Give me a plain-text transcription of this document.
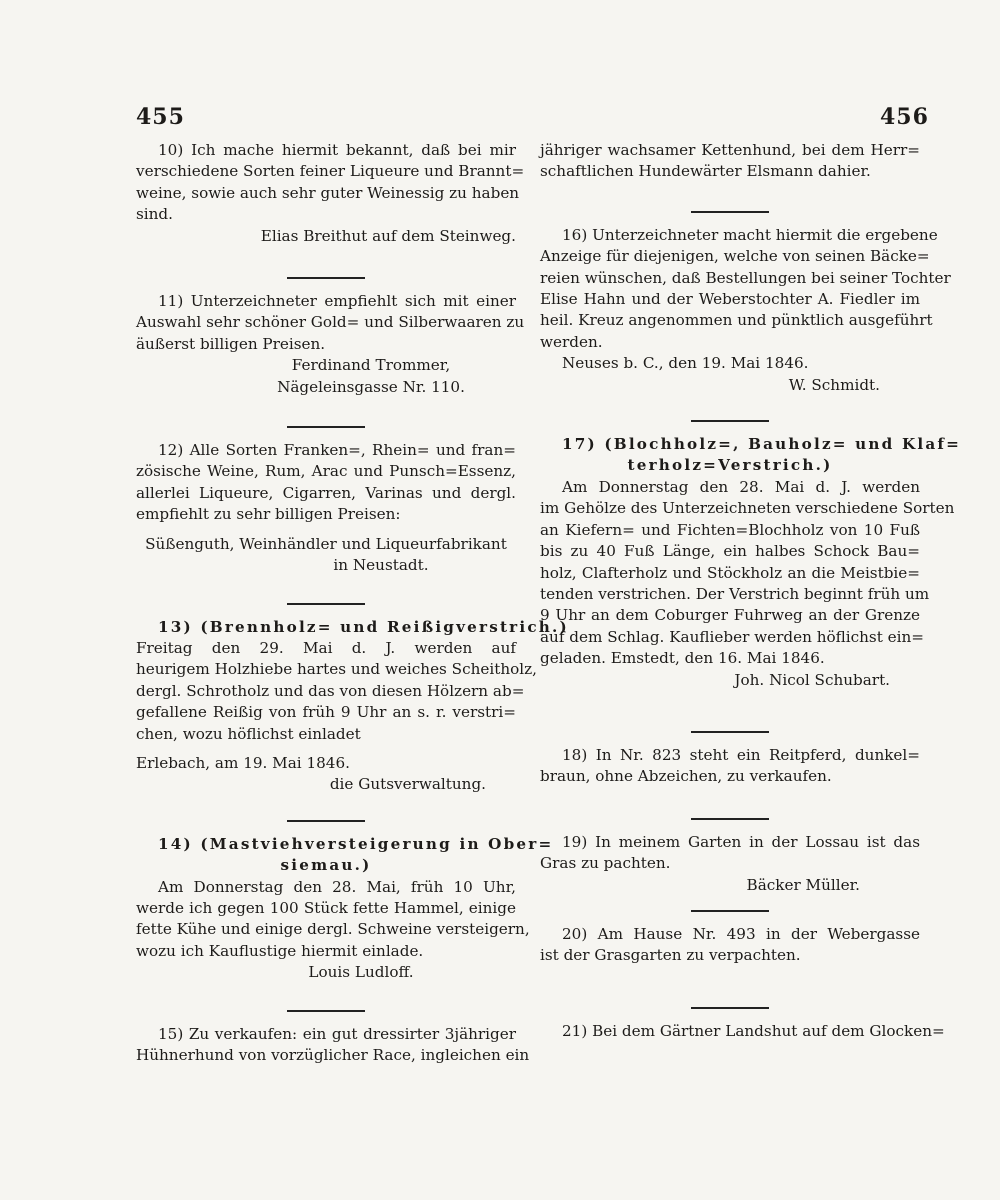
455	456
10) Ich mache hiermit bekannt, daß bei mir
verschiedene Sorten feiner Liqueure und Brannt=
weine, sowie auch sehr guter Weinessig zu haben
sind.
Elias Breithut auf dem Steinweg.
11) Unterzeichneter empfiehlt sich mit einer
Auswahl sehr schöner Gold= und Silberwaaren zu
äußerst billigen Preisen.
Ferdinand Trommer,
Nägeleinsgasse Nr. 110.
12) Alle Sorten Franken=, Rhein= und fran=
zösische Weine, Rum, Arac und Punsch=Essenz,
allerlei Liqueure, Cigarren, Varinas und dergl.
empfiehlt zu sehr billigen Preisen:
Süßenguth, Weinhändler und Liqueurfabrikant
in Neustadt.
13) (Brennholz= und Reißigverstrich.)
Freitag den 29. Mai d. J. werden auf
heurigem Holzhiebe hartes und weiches Scheitholz,
dergl. Schrotholz und das von diesen Hölzern ab=
gefallene Reißig von früh 9 Uhr an s. r. verstri=
chen, wozu höflichst einladet
Erlebach, am 19. Mai 1846.
die Gutsverwaltung.
14) (Mastviehversteigerung in Ober=
siemau.)
Am Donnerstag den 28. Mai, früh 10 Uhr,
werde ich gegen 100 Stück fette Hammel, einige
fette Kühe und einige dergl. Schweine versteigern,
wozu ich Kauflustige hiermit einlade.
Louis Ludloff.
15) Zu verkaufen: ein gut dressirter 3jähriger
Hühnerhund von vorzüglicher Race, ingleichen ein
jähriger wachsamer Kettenhund, bei dem Herr=
schaftlichen Hundewärter Elsmann dahier.
16) Unterzeichneter macht hiermit die ergebene
Anzeige für diejenigen, welche von seinen Bäcke=
reien wünschen, daß Bestellungen bei seiner Tochter
Elise Hahn und der Weberstochter A. Fiedler im
heil. Kreuz angenommen und pünktlich ausgeführt
werden.
Neuses b. C., den 19. Mai 1846.
W. Schmidt.
17) (Blochholz=, Bauholz= und Klaf=
terholz=Verstrich.)
Am Donnerstag den 28. Mai d. J. werden
im Gehölze des Unterzeichneten verschiedene Sorten
an Kiefern= und Fichten=Blochholz von 10 Fuß
bis zu 40 Fuß Länge, ein halbes Schock Bau=
holz, Clafterholz und Stöckholz an die Meistbie=
tenden verstrichen. Der Verstrich beginnt früh um
9 Uhr an dem Coburger Fuhrweg an der Grenze
auf dem Schlag. Kauflieber werden höflichst ein=
geladen. Emstedt, den 16. Mai 1846.
Joh. Nicol Schubart.
18) In Nr. 823 steht ein Reitpferd, dunkel=
braun, ohne Abzeichen, zu verkaufen.
19) In meinem Garten in der Lossau ist das
Gras zu pachten.
Bäcker Müller.
20) Am Hause Nr. 493 in der Webergasse
ist der Grasgarten zu verpachten.
21) Bei dem Gärtner Landshut auf dem Glocken=
